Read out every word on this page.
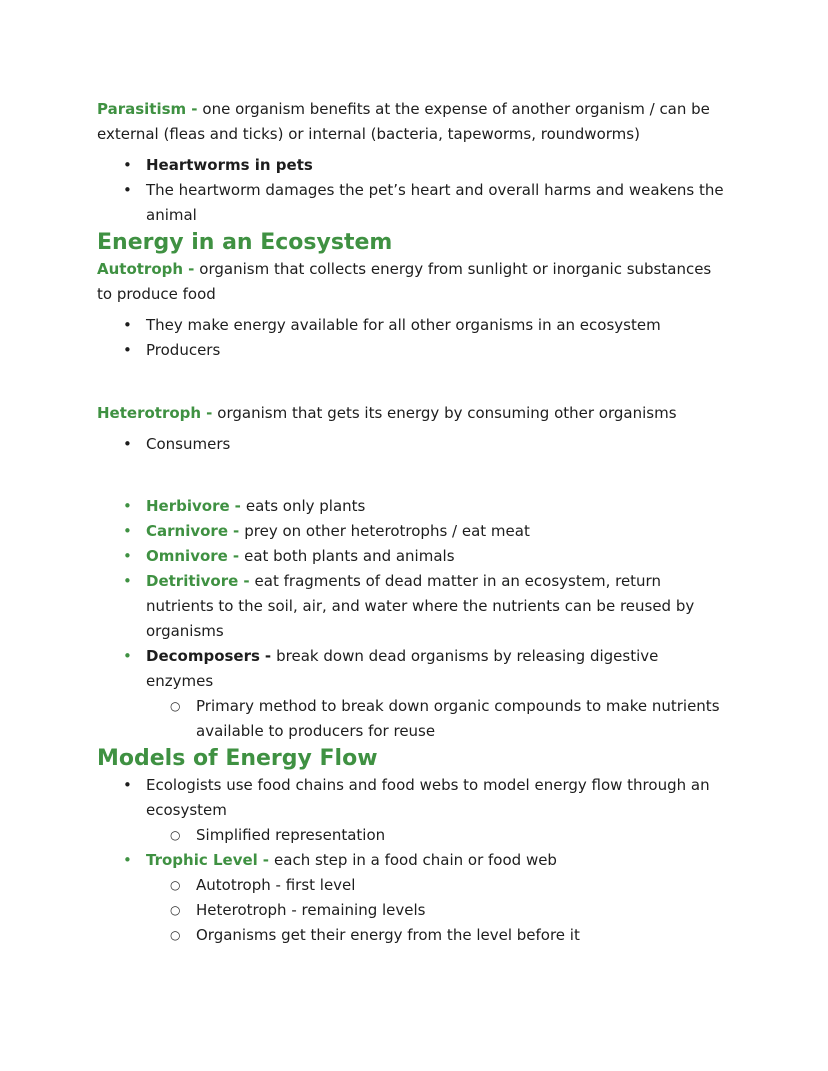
Parasitism - one organism benefits at the expense of another organism / can be external (fleas and ticks) or internal (bacteria, tapeworms, roundworms)

• Heartworms in pets
• The heartworm damages the pet’s heart and overall harms and weakens the animal
Energy in an Ecosystem

Autotroph - organism that collects energy from sunlight or inorganic substances to produce food

• They make energy available for all other organisms in an ecosystem
• Producers

Heterotroph - organism that gets its energy by consuming other organisms

• Consumers
• Herbivore - eats only plants
• Carnivore - prey on other heterotrophs / eat meat
• Omnivore - eat both plants and animals
• Detritivore - eat fragments of dead matter in an ecosystem, return nutrients to the soil, air, and water where the nutrients can be reused by organisms
• Decomposers - break down dead organisms by releasing digestive enzymes
○	Primary method to break down organic compounds to make nutrients available to producers for reuse
Models of Energy Flow
• Ecologists use food chains and food webs to model energy flow through an ecosystem
○	Simplified representation
• Trophic Level - each step in a food chain or food web
○	Autotroph - first level
○	Heterotroph - remaining levels
○	Organisms get their energy from the level before it
